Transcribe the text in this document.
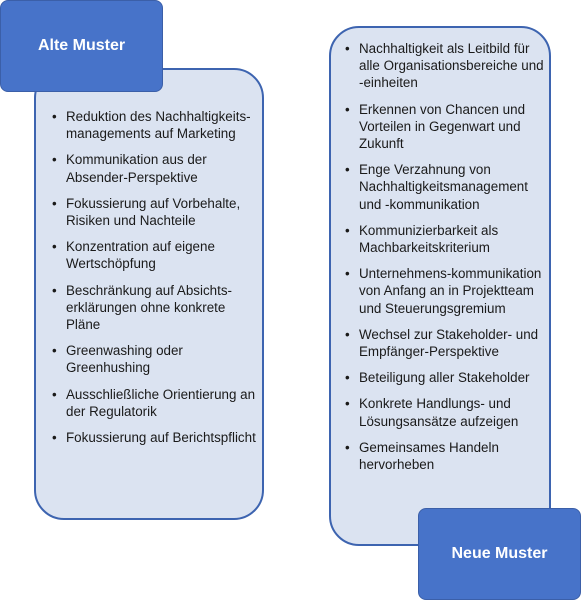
• Reduktion des Nachhaltigkeits-managements auf Marketing
• Kommunikation aus der Absender-Perspektive
• Fokussierung auf Vorbehalte, Risiken und Nachteile
• Konzentration auf eigene Wertschöpfung
• Beschränkung auf Absichts-erklärungen ohne konkrete Pläne
• Greenwashing oder Greenhushing
• Ausschließliche Orientierung an der Regulatorik
• Fokussierung auf Berichtspflicht
Alte Muster
•	Nachhaltigkeit als Leitbild für alle Organisationsbereiche und -einheiten
• Erkennen von Chancen und Vorteilen in Gegenwart und Zukunft
• Enge Verzahnung von Nachhaltigkeitsmanagement und -kommunikation
• Kommunizierbarkeit als Machbarkeitskriterium
• Unternehmens-kommunikation von Anfang an in Projektteam und Steuerungsgremium
• Wechsel zur Stakeholder- und Empfänger-Perspektive
• Beteiligung aller Stakeholder
• Konkrete Handlungs- und Lösungsansätze aufzeigen
• Gemeinsames Handeln hervorheben
Neue Muster
